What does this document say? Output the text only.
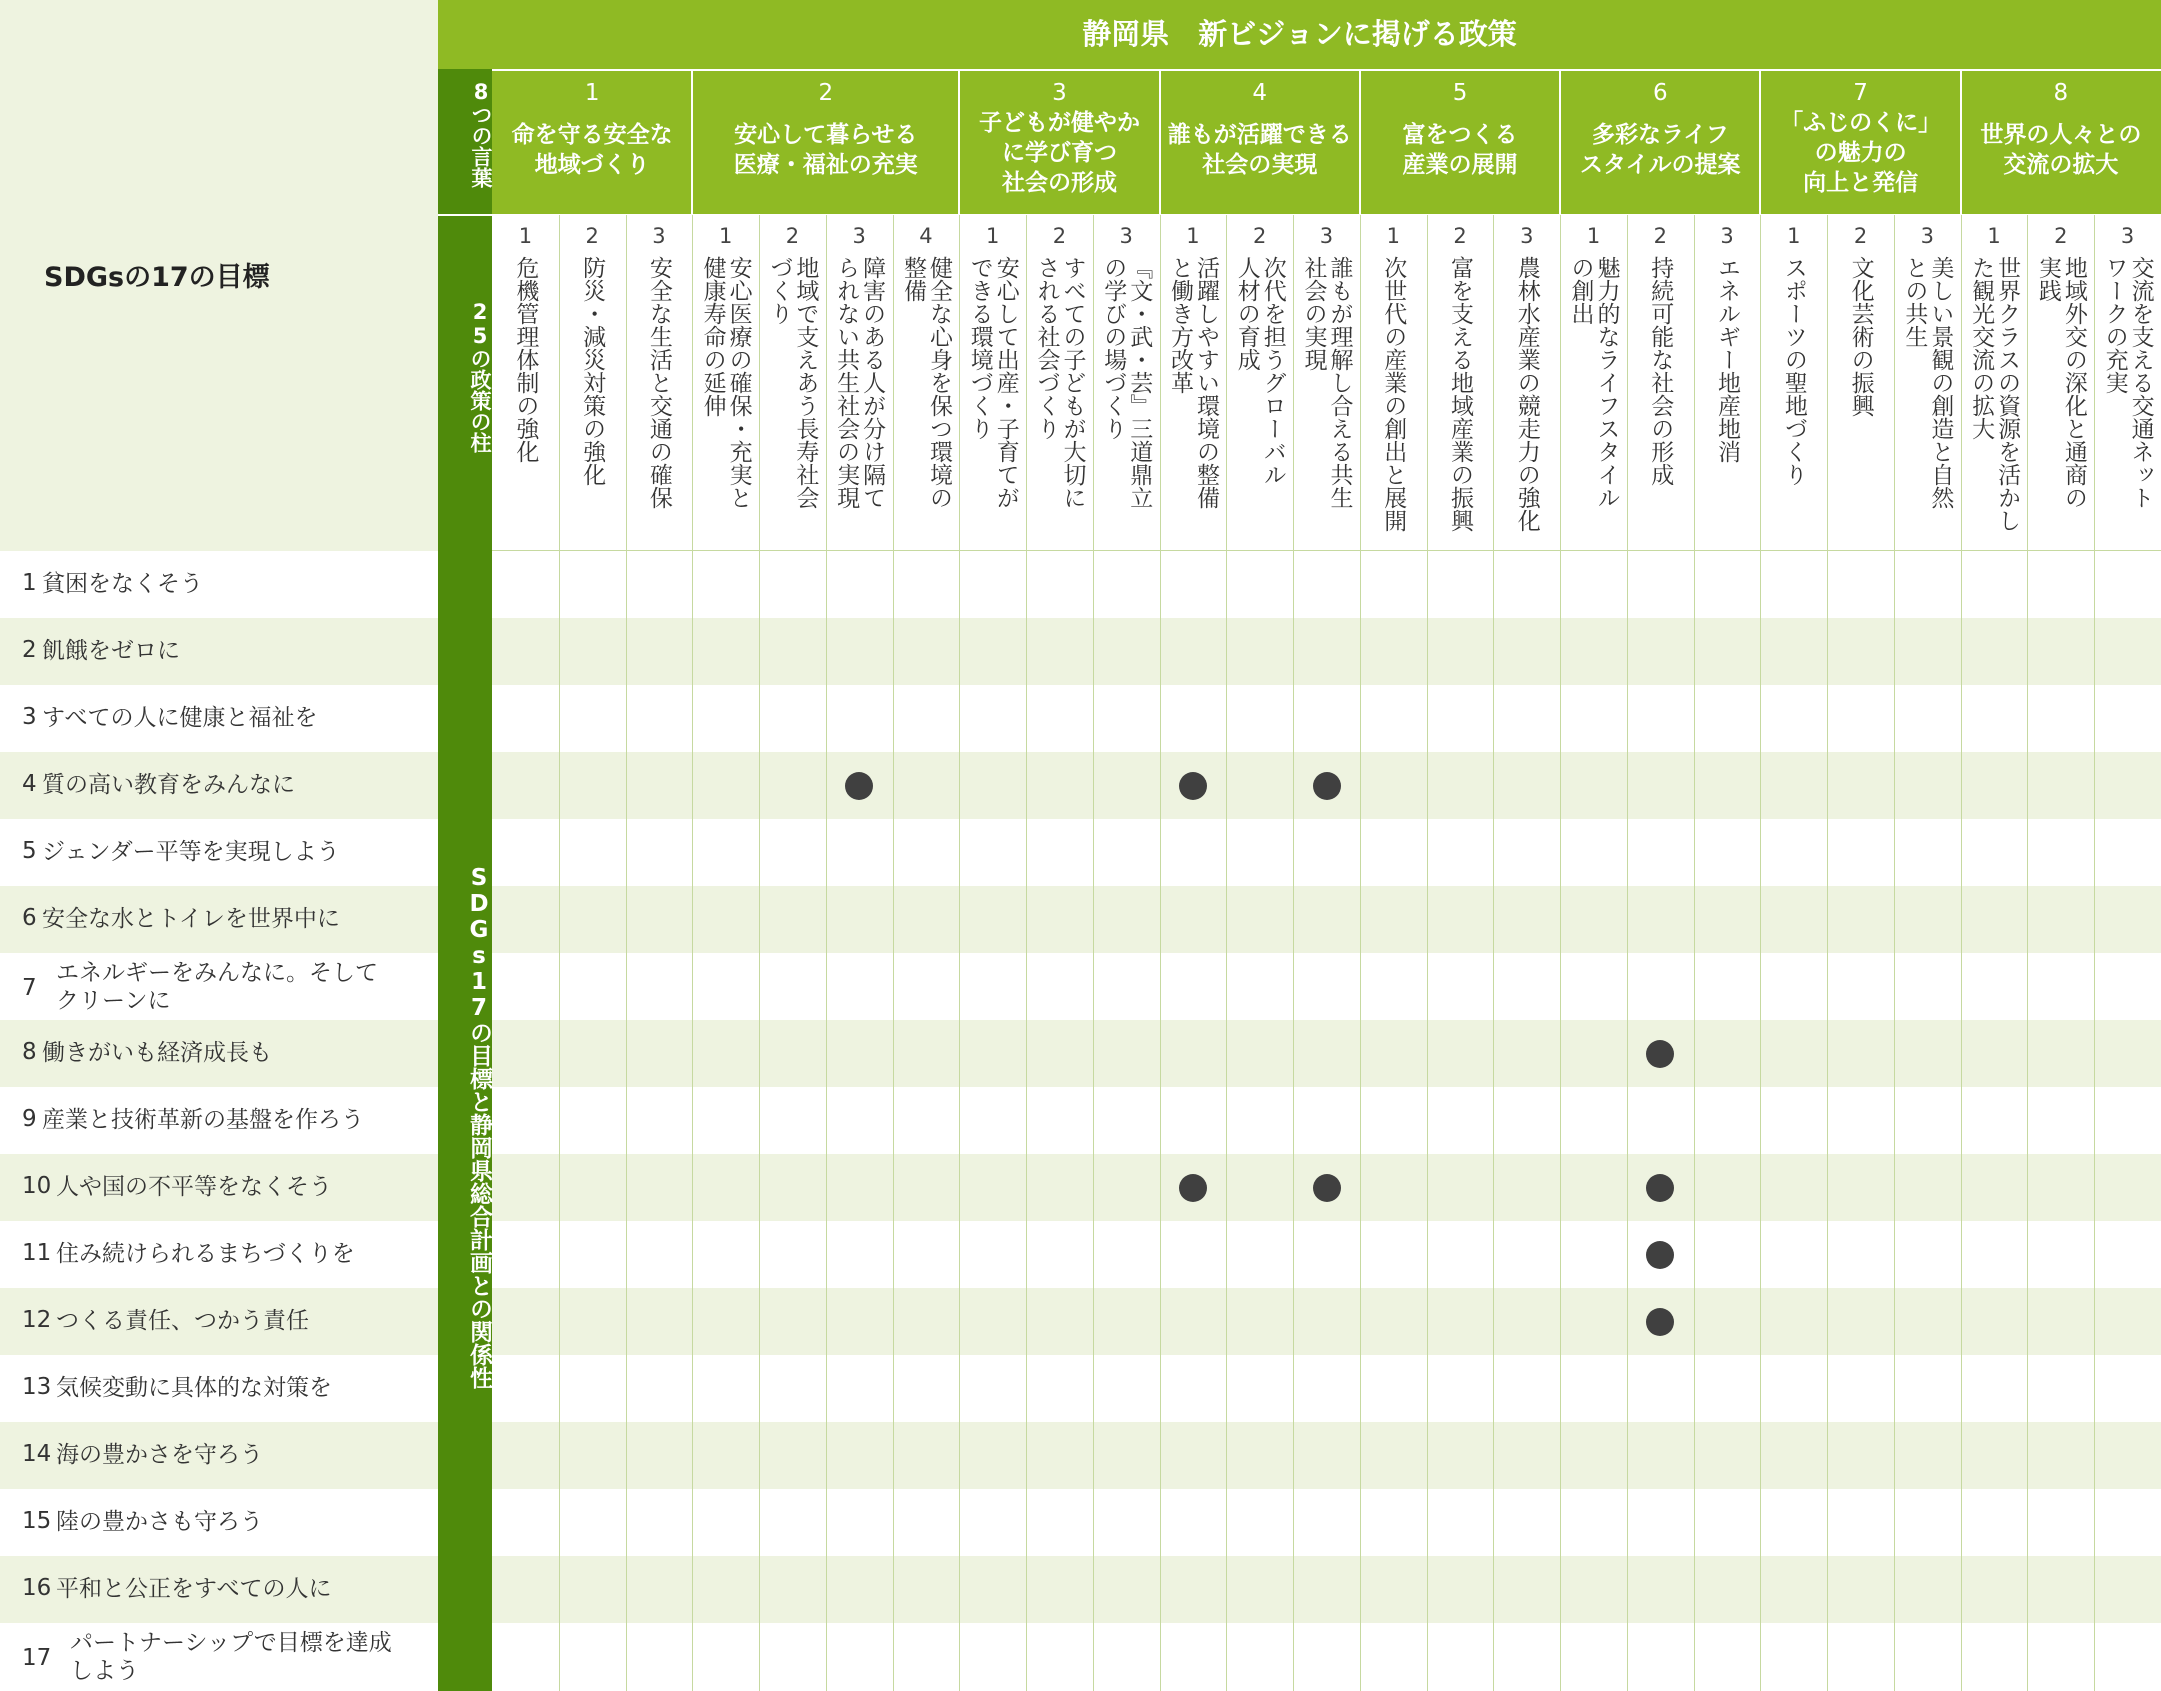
SDGsの17の目標
静岡県　新ビジョンに掲げる政策
1 貧困をなくそう
2 飢餓をゼロに
3 すべての人に健康と福祉を
4 質の高い教育をみんなに
5 ジェンダー平等を実現しよう
6 安全な水とトイレを世界中に
7
エネルギーをみんなに。そして
クリーンに
8 働きがいも経済成長も
9 産業と技術革新の基盤を作ろう
10 人や国の不平等をなくそう
11 住み続けられるまちづくりを
12 つくる責任、つかう責任
13 気候変動に具体的な対策を
14 海の豊かさを守ろう
15 陸の豊かさも守ろう
16 平和と公正をすべての人に
17
パートナーシップで目標を達成
しよう
8つの言葉
25の政策の柱
SDGs17の目標と静岡県総合計画との関係性
1
命を守る安全な
地域づくり
2
安心して暮らせる
医療・福祉の充実
3
子どもが健やか
に学び育つ
社会の形成
4
誰もが活躍できる
社会の実現
5
富をつくる
産業の展開
6
多彩なライフ
スタイルの提案
7
「ふじのくに」
の魅力の
向上と発信
8
世界の人々との
交流の拡大
1
危機管理体制の強化
2
防災・減災対策の強化
3
安全な生活と交通の確保
1
安心医療の確保・充実と
健康寿命の延伸
2
地域で支えあう長寿社会
づくり
3
障害のある人が分け隔て
られない共生社会の実現
4
健全な心身を保つ環境の
整備
1
安心して出産・子育てが
できる環境づくり
2
すべての子どもが大切に
される社会づくり
3
『文・武・芸』三道鼎立
の学びの場づくり
1
活躍しやすい環境の整備
と働き方改革
2
次代を担うグローバル
人材の育成
3
誰もが理解し合える共生
社会の実現
1
次世代の産業の創出と展開
2
富を支える地域産業の振興
3
農林水産業の競走力の強化
1
魅力的なライフスタイル
の創出
2
持続可能な社会の形成
3
エネルギー地産地消
1
スポーツの聖地づくり
2
文化芸術の振興
3
美しい景観の創造と自然
との共生
1
世界クラスの資源を活かし
た観光交流の拡大
2
地域外交の深化と通商の
実践
3
交流を支える交通ネット
ワークの充実
